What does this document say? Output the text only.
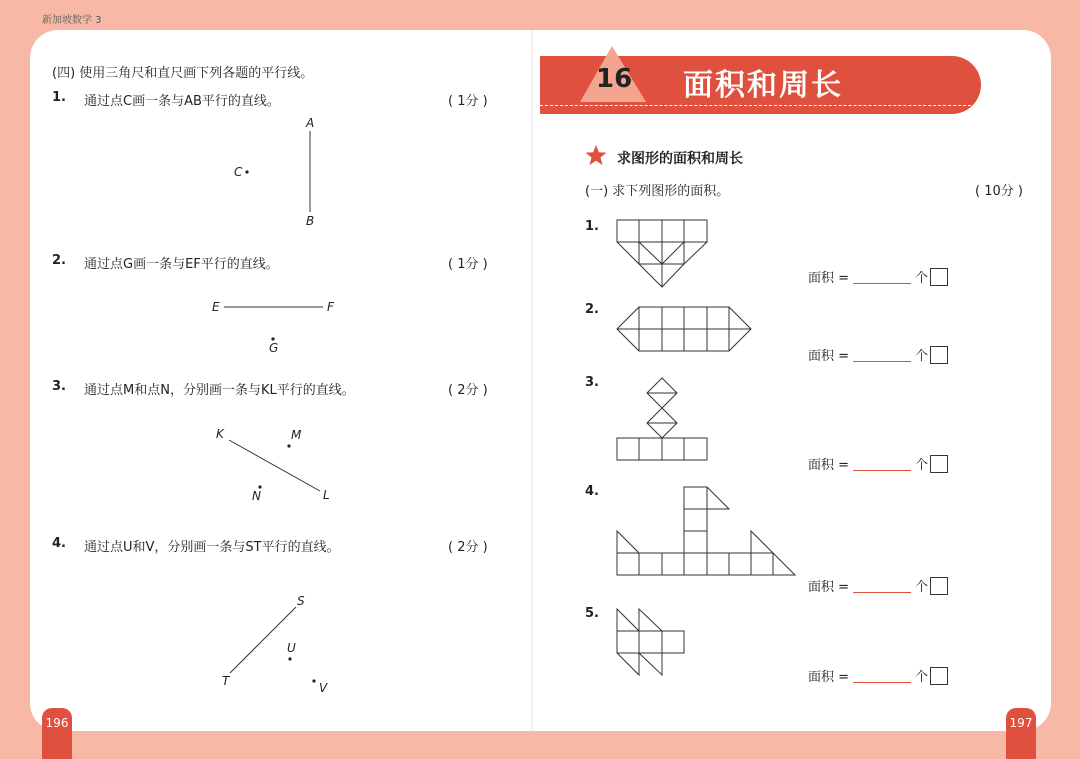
新加坡数学 3
196	197
(四) 使用三角尺和直尺画下列各题的平行线。
1. 通过点C画一条与AB平行的直线。	( 1分 )
2. 通过点G画一条与EF平行的直线。	( 1分 )
3. 通过点M和点N，分别画一条与KL平行的直线。	( 2分 )
4. 通过点U和V，分别画一条与ST平行的直线。	( 2分 )
A
B
C
E	F
G
K	M
N	L
S
U
T	V
16 面积和周长
求图形的面积和周长
(一) 求下列图形的面积。	( 10分 )
1.
2.
3.
4.
5.
面积 =	个
面积 =	个
面积 =	个
面积 =	个
面积 =	个
